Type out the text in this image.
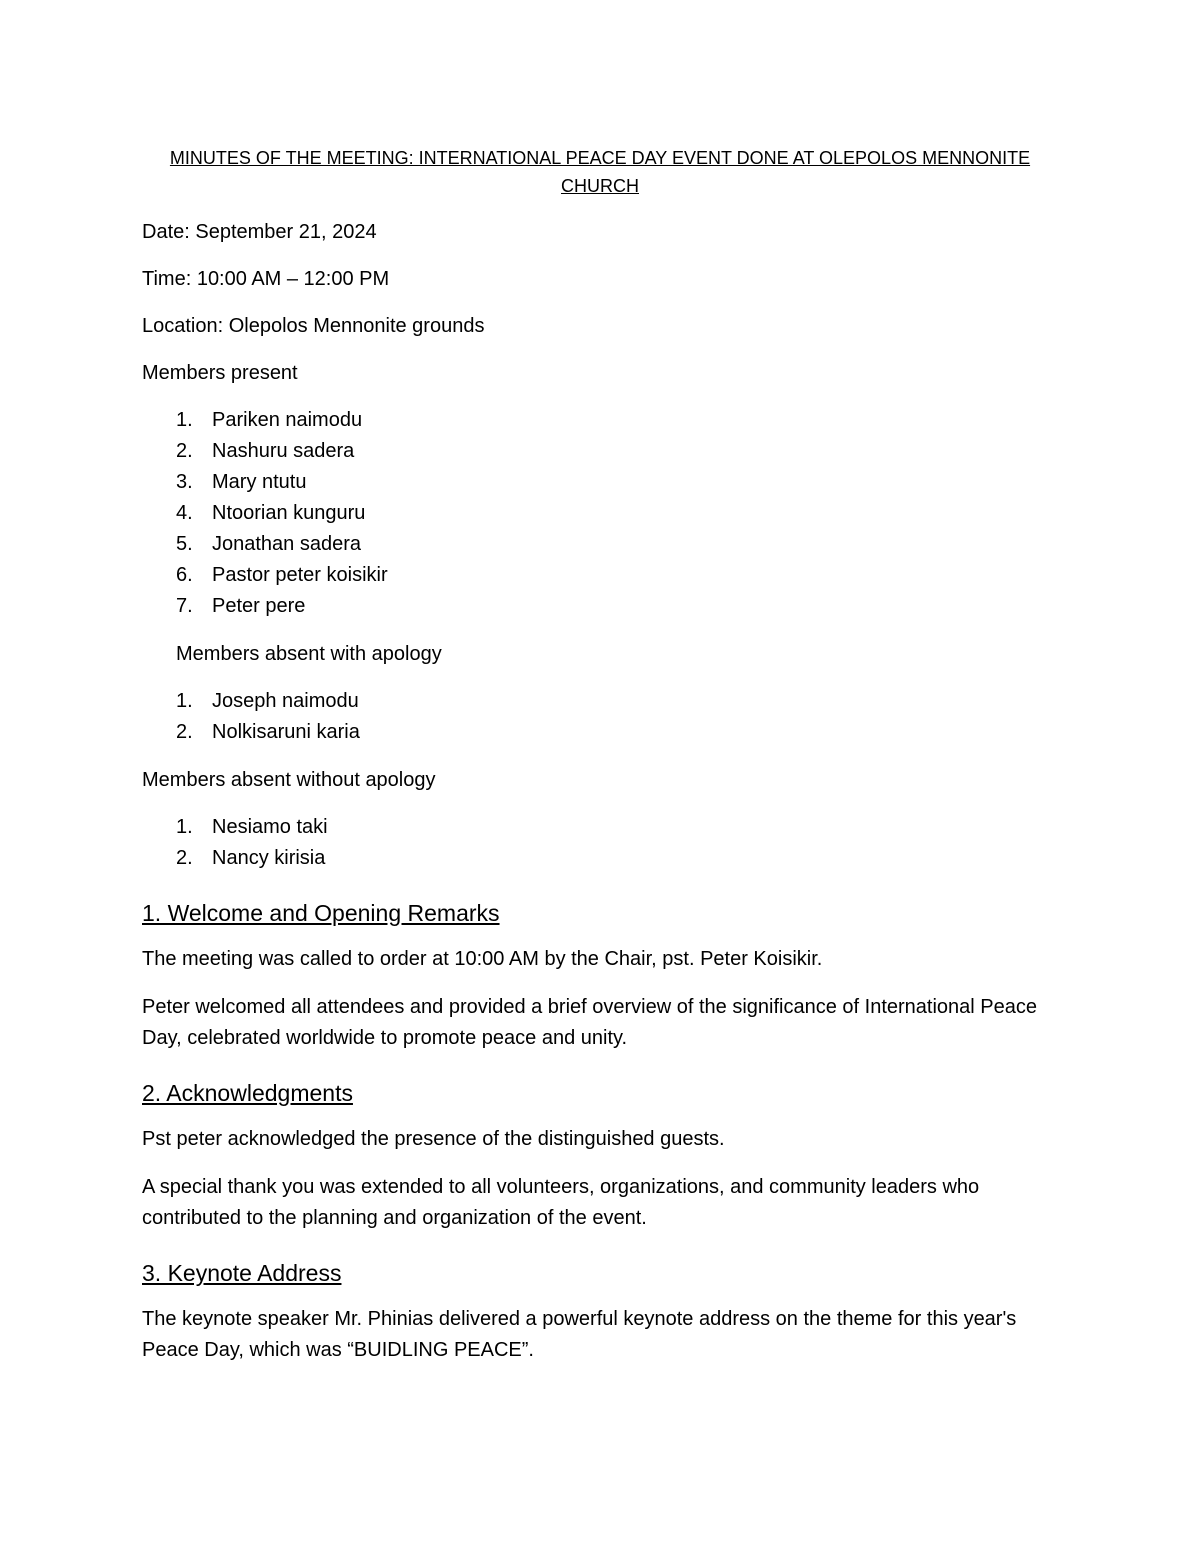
MINUTES OF THE MEETING: INTERNATIONAL PEACE DAY EVENT DONE AT OLEPOLOS MENNONITE CHURCH
Date: September 21, 2024
Time: 10:00 AM – 12:00 PM
Location: Olepolos Mennonite grounds
Members present
1. Pariken naimodu
2. Nashuru sadera
3. Mary ntutu
4. Ntoorian kunguru
5. Jonathan sadera
6. Pastor peter koisikir
7. Peter pere
Members absent with apology
1. Joseph naimodu
2. Nolkisaruni karia
Members absent without apology
1. Nesiamo taki
2. Nancy kirisia
1. Welcome and Opening Remarks

The meeting was called to order at 10:00 AM by the Chair, pst. Peter Koisikir.

Peter welcomed all attendees and provided a brief overview of the significance of International Peace Day, celebrated worldwide to promote peace and unity.

2. Acknowledgments

Pst peter acknowledged the presence of the distinguished guests.

A special thank you was extended to all volunteers, organizations, and community leaders who contributed to the planning and organization of the event.

3. Keynote Address

The keynote speaker Mr. Phinias delivered a powerful keynote address on the theme for this year's Peace Day, which was “BUIDLING PEACE”.
